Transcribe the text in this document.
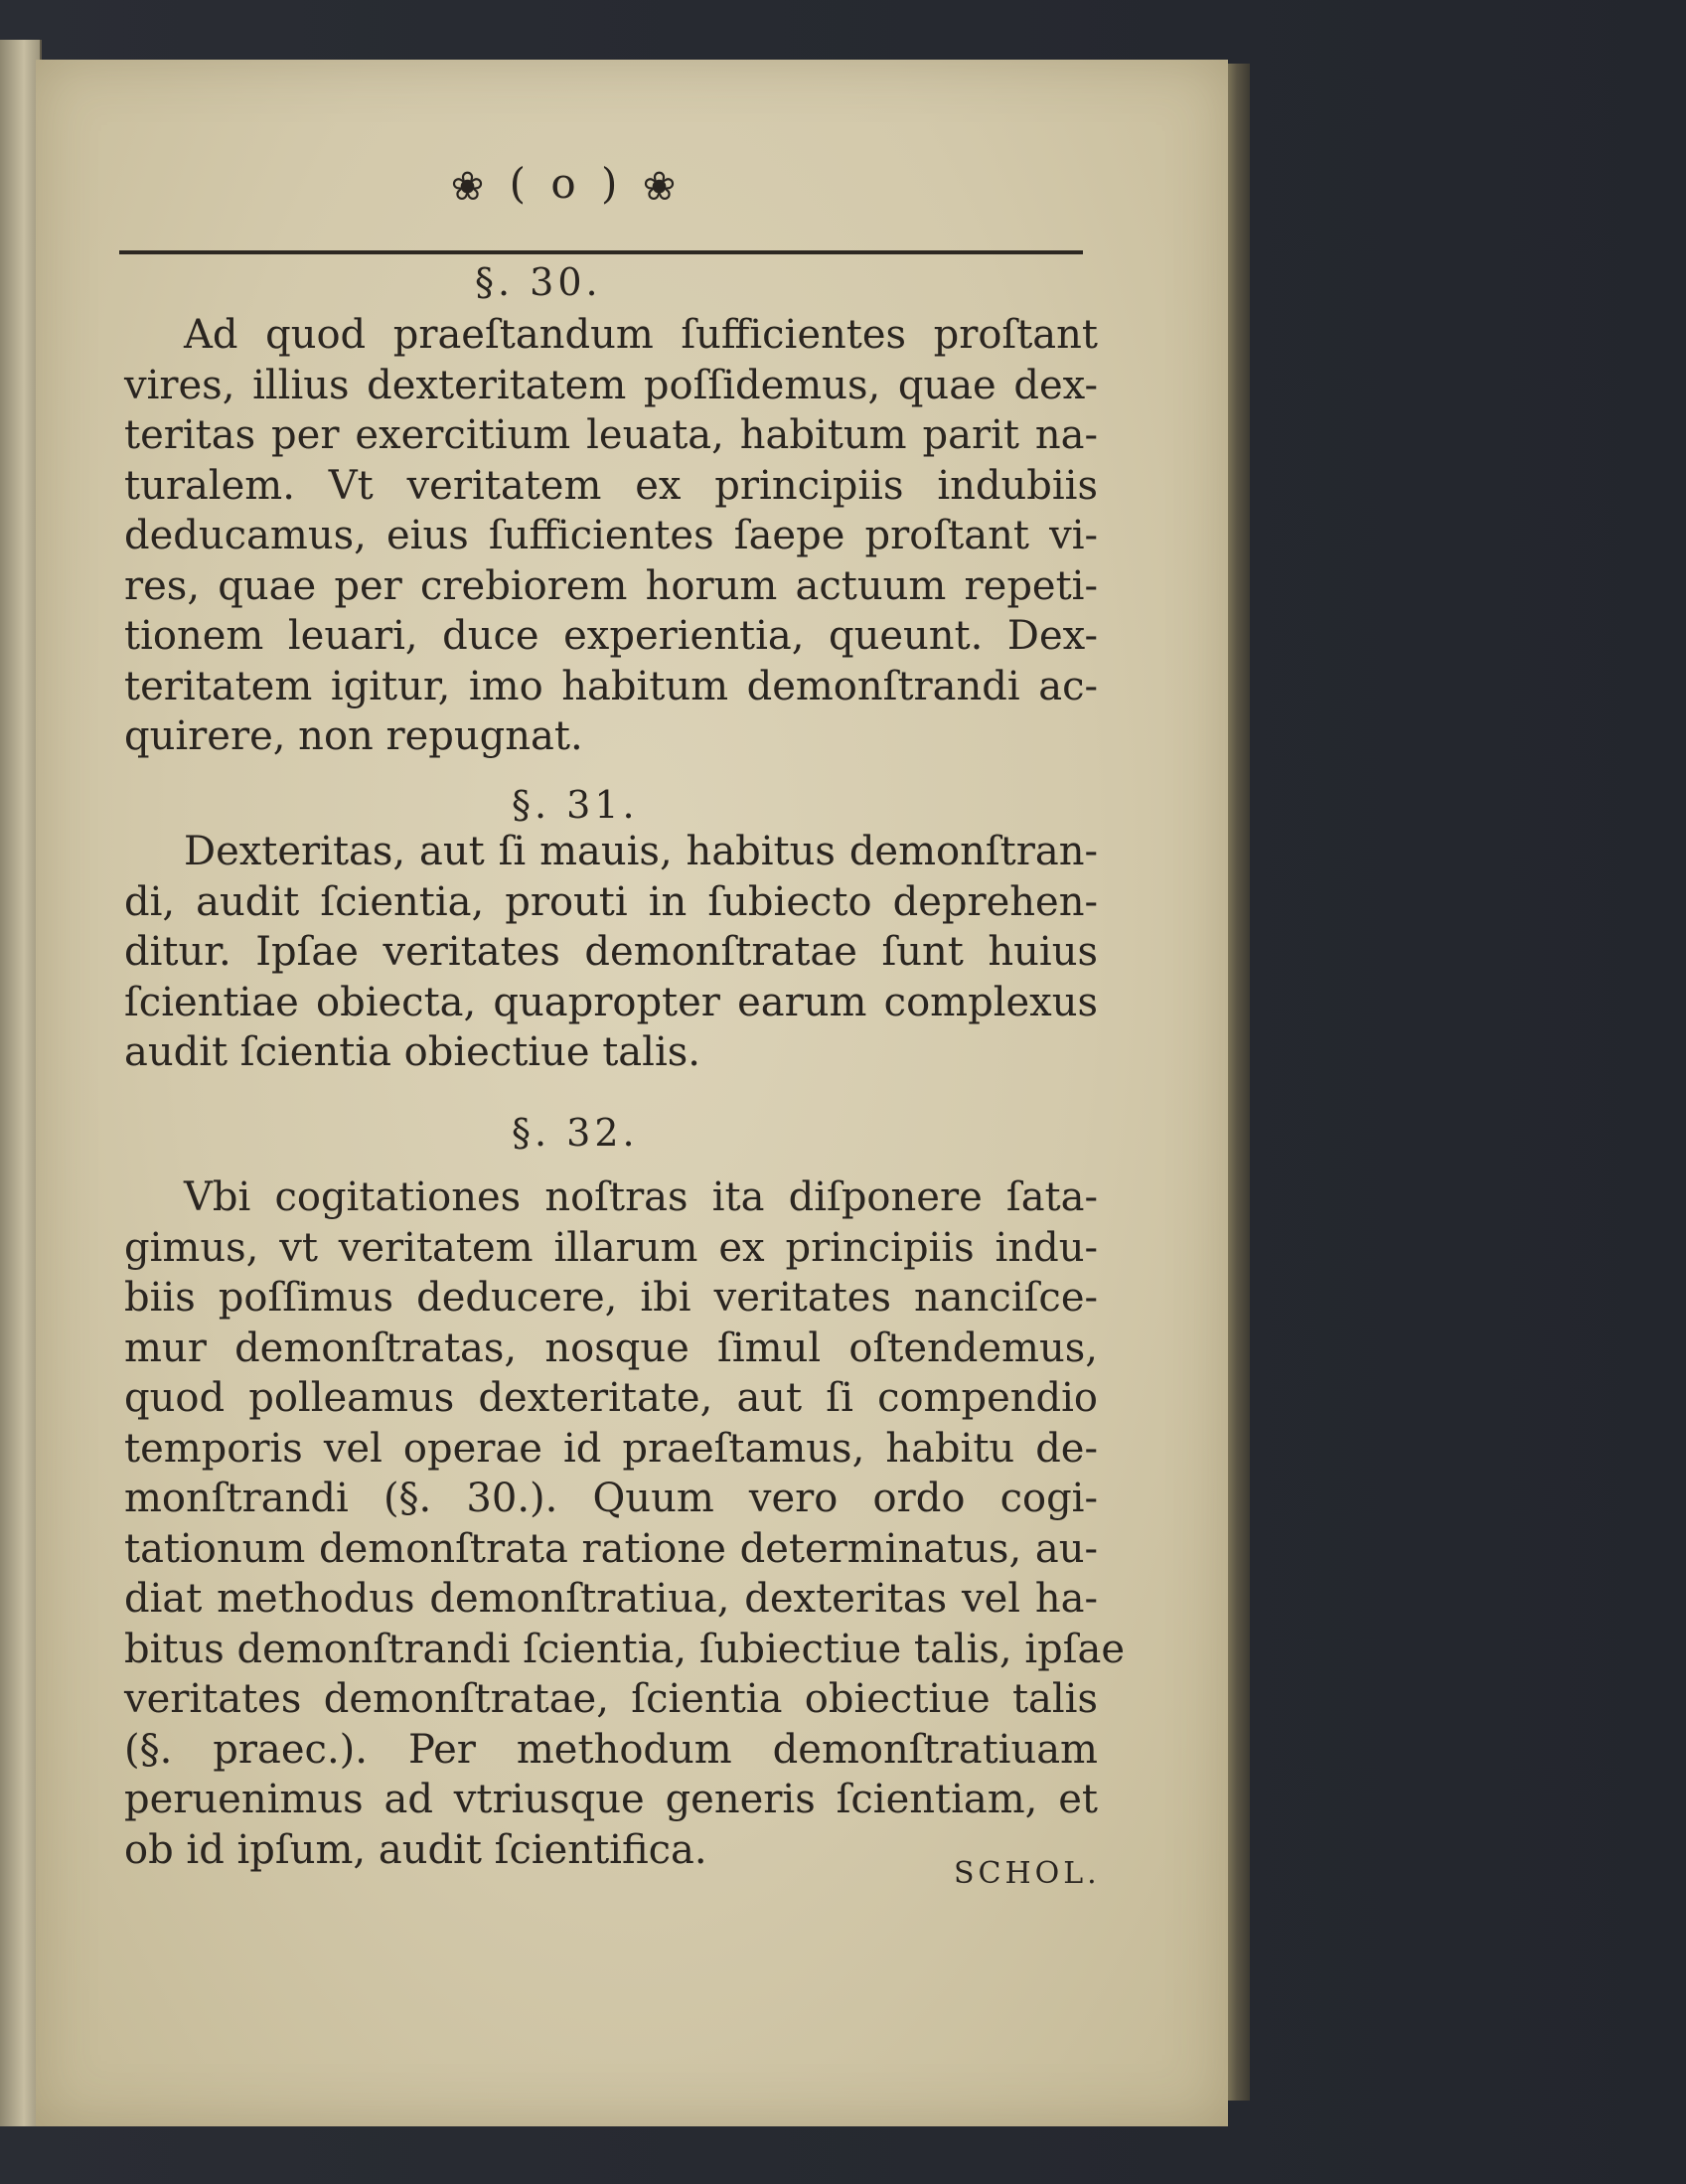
❀ ( o ) ❀
§. 30.
Ad quod praeſtandum ſufficientes proſtant
vires, illius dexteritatem poſſidemus, quae dex-
teritas per exercitium leuata, habitum parit na-
turalem. Vt veritatem ex principiis indubiis
deducamus, eius ſufficientes ſaepe proſtant vi-
res, quae per crebiorem horum actuum repeti-
tionem leuari, duce experientia, queunt. Dex-
teritatem igitur, imo habitum demonſtrandi ac-
quirere, non repugnat.
§. 31.
Dexteritas, aut ſi mauis, habitus demonſtran-
di, audit ſcientia, prouti in ſubiecto deprehen-
ditur. Ipſae veritates demonſtratae ſunt huius
ſcientiae obiecta, quapropter earum complexus
audit ſcientia obiectiue talis.
§. 32.
Vbi cogitationes noſtras ita diſponere ſata-
gimus, vt veritatem illarum ex principiis indu-
biis poſſimus deducere, ibi veritates nanciſce-
mur demonſtratas, nosque ſimul oſtendemus,
quod polleamus dexteritate, aut ſi compendio
temporis vel operae id praeſtamus, habitu de-
monſtrandi (§. 30.). Quum vero ordo cogi-
tationum demonſtrata ratione determinatus, au-
diat methodus demonſtratiua, dexteritas vel ha-
bitus demonſtrandi ſcientia, ſubiectiue talis, ipſae
veritates demonſtratae, ſcientia obiectiue talis
(§. praec.). Per methodum demonſtratiuam
peruenimus ad vtriusque generis ſcientiam, et
ob id ipſum, audit ſcientifica.
SCHOL.
